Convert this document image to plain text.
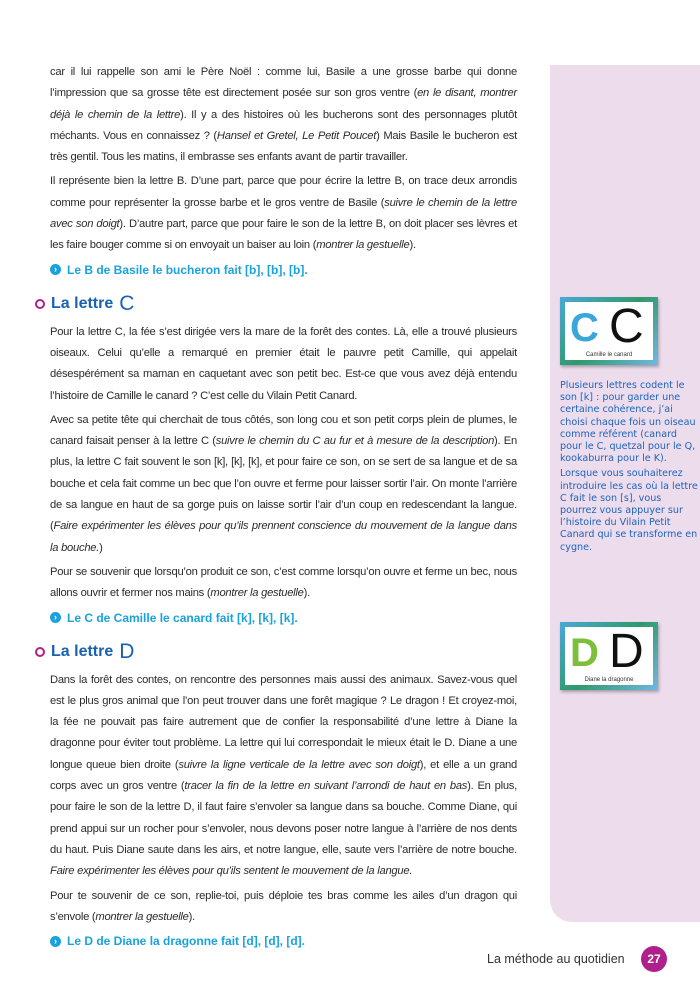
car il lui rappelle son ami le Père Noël : comme lui, Basile a une grosse barbe qui donne l’impression que sa grosse tête est directement posée sur son gros ventre (en le disant, montrer déjà le chemin de la lettre). Il y a des histoires où les bucherons sont des personnages plutôt méchants. Vous en connaissez ? (Hansel et Gretel, Le Petit Poucet) Mais Basile le bucheron est très gentil. Tous les matins, il embrasse ses enfants avant de partir travailler.

Il représente bien la lettre B. D’une part, parce que pour écrire la lettre B, on trace deux arrondis comme pour représenter la grosse barbe et le gros ventre de Basile (suivre le chemin de la lettre avec son doigt). D’autre part, parce que pour faire le son de la lettre B, on doit placer ses lèvres et les faire bouger comme si on envoyait un baiser au loin (montrer la gestuelle).

› Le B de Basile le bucheron fait [b], [b], [b].
La lettre C

Pour la lettre C, la fée s’est dirigée vers la mare de la forêt des contes. Là, elle a trouvé plusieurs oiseaux. Celui qu’elle a remarqué en premier était le pauvre petit Camille, qui appelait désespérément sa maman en caquetant avec son petit bec. Est-ce que vous avez déjà entendu l’histoire de Camille le canard ? C’est celle du Vilain Petit Canard.

Avec sa petite tête qui cherchait de tous côtés, son long cou et son petit corps plein de plumes, le canard faisait penser à la lettre C (suivre le chemin du C au fur et à mesure de la description). En plus, la lettre C fait souvent le son [k], [k], [k], et pour faire ce son, on se sert de sa langue et de sa bouche et cela fait comme un bec que l’on ouvre et ferme pour laisser sortir l’air. On monte l’arrière de sa langue en haut de sa gorge puis on laisse sortir l’air d’un coup en redescendant la langue. (Faire expérimenter les élèves pour qu’ils prennent conscience du mouvement de la langue dans la bouche.)

Pour se souvenir que lorsqu’on produit ce son, c’est comme lorsqu’on ouvre et ferme un bec, nous allons ouvrir et fermer nos mains (montrer la gestuelle).

› Le C de Camille le canard fait [k], [k], [k].
La lettre D

Dans la forêt des contes, on rencontre des personnes mais aussi des animaux. Savez-vous quel est le plus gros animal que l’on peut trouver dans une forêt magique ? Le dragon ! Et croyez-moi, la fée ne pouvait pas faire autrement que de confier la responsabilité d’une lettre à Diane la dragonne pour éviter tout problème. La lettre qui lui correspondait le mieux était le D. Diane a une longue queue bien droite (suivre la ligne verticale de la lettre avec son doigt), et elle a un grand corps avec un gros ventre (tracer la fin de la lettre en suivant l’arrondi de haut en bas). En plus, pour faire le son de la lettre D, il faut faire s’envoler sa langue dans sa bouche. Comme Diane, qui prend appui sur un rocher pour s’envoler, nous devons poser notre langue à l’arrière de nos dents du haut. Puis Diane saute dans les airs, et notre langue, elle, saute vers l’arrière de notre bouche. Faire expérimenter les élèves pour qu’ils sentent le mouvement de la langue.

Pour te souvenir de ce son, replie-toi, puis déploie tes bras comme les ailes d’un dragon qui s’envole (montrer la gestuelle).

› Le D de Diane la dragonne fait [d], [d], [d].
C C
Camille le canard

Plusieurs lettres codent le son [k] : pour garder une certaine cohérence, j’ai choisi chaque fois un oiseau comme référent (canard pour le C, quetzal pour le Q, kookaburra pour le K).

Lorsque vous souhaiterez introduire les cas où la lettre C fait le son [s], vous pourrez vous appuyer sur l’histoire du Vilain Petit Canard qui se transforme en cygne.

D D
Diane la dragonne
La méthode au quotidien	27
